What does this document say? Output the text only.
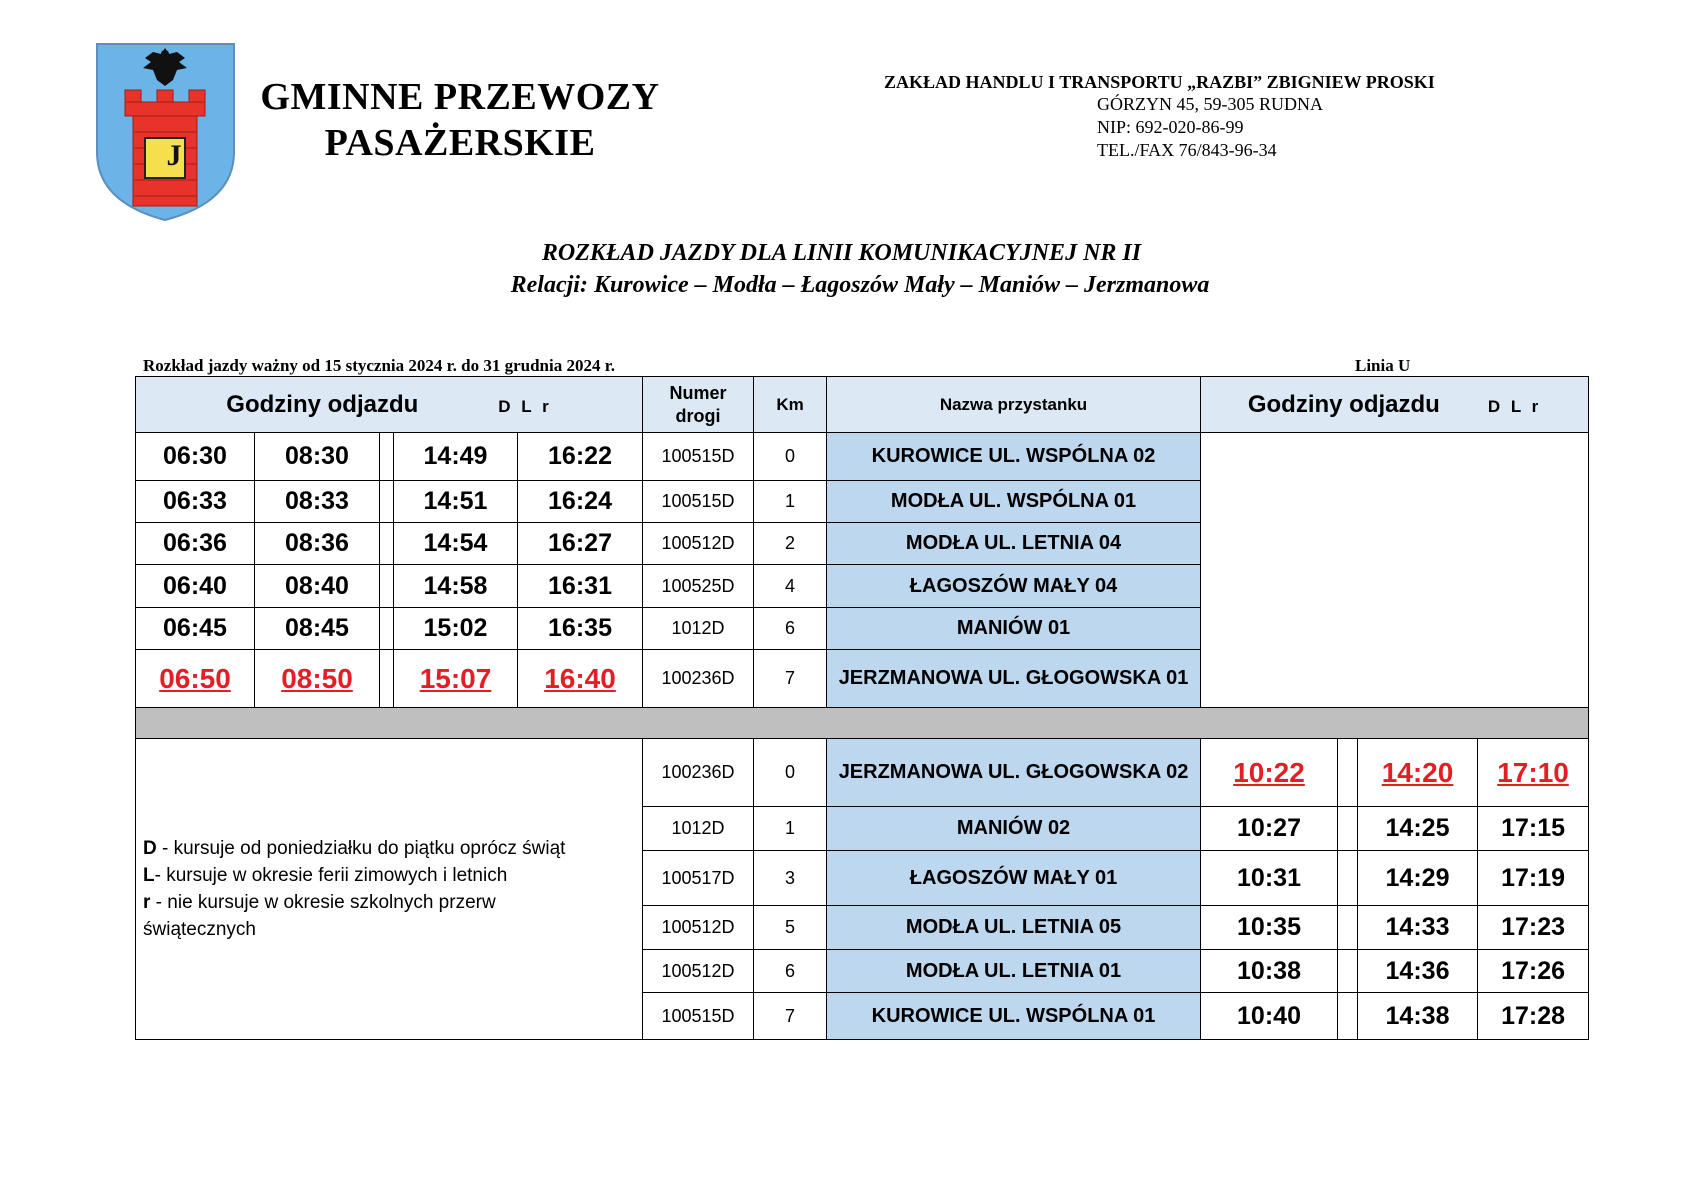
J
GMINNE PRZEWOZY
PASAŻERSKIE
ZAKŁAD HANDLU I TRANSPORTU „RAZBI” ZBIGNIEW PROSKI
GÓRZYN 45, 59-305 RUDNA
NIP: 692-020-86-99
TEL./FAX 76/843-96-34
ROZKŁAD JAZDY DLA LINII KOMUNIKACYJNEJ NR II
Relacji: Kurowice – Modła – Łagoszów Mały – Maniów – Jerzmanowa
Rozkład jazdy ważny od 15 stycznia 2024 r. do 31 grudnia 2024 r.	Linia U
Godziny odjazdu D L r					Numer
drogi	Km	Nazwa przystanku	Godziny odjazdu D L r			
06:30	08:30		14:49	16:22	100515D	0	KUROWICE UL. WSPÓLNA 02				
06:33	08:33		14:51	16:24	100515D	1	MODŁA UL. WSPÓLNA 01				
06:36	08:36		14:54	16:27	100512D	2	MODŁA UL. LETNIA 04				
06:40	08:40		14:58	16:31	100525D	4	ŁAGOSZÓW MAŁY 04				
06:45	08:45		15:02	16:35	1012D	6	MANIÓW 01				
06:50	08:50		15:07	16:40	100236D	7	JERZMANOWA UL. GŁOGOWSKA 01				

D - kursuje od poniedziałku do piątku oprócz świąt
L- kursuje w okresie ferii zimowych i letnich
r - nie kursuje w okresie szkolnych przerw świątecznych					100236D	0	JERZMANOWA UL. GŁOGOWSKA 02	10:22		14:20	17:10
					1012D	1	MANIÓW 02	10:27		14:25	17:15
					100517D	3	ŁAGOSZÓW MAŁY 01	10:31		14:29	17:19
					100512D	5	MODŁA UL. LETNIA 05	10:35		14:33	17:23
					100512D	6	MODŁA UL. LETNIA 01	10:38		14:36	17:26
					100515D	7	KUROWICE UL. WSPÓLNA 01	10:40		14:38	17:28
